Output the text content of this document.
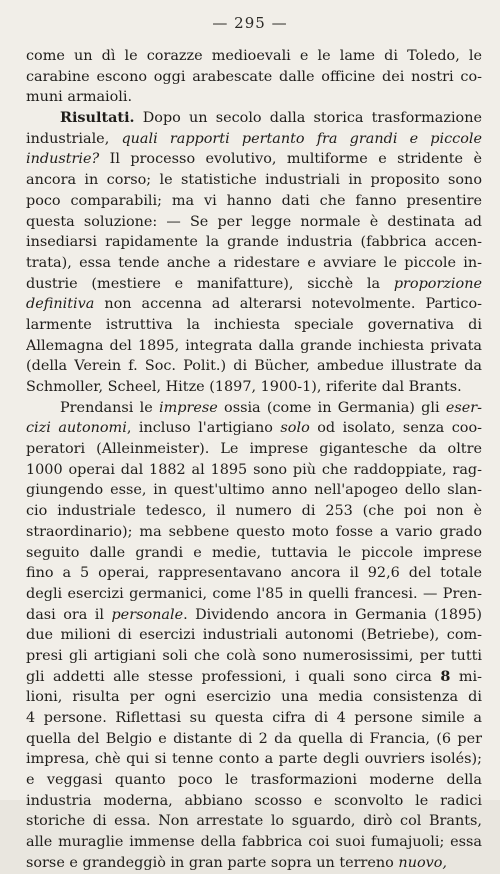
— 295 —
come un dì le corazze medioevali e le lame di Toledo, le
carabine escono oggi arabescate dalle officine dei nostri co-
muni armaioli.
Risultati. Dopo un secolo dalla storica trasformazione
industriale, quali rapporti pertanto fra grandi e piccole
industrie? Il processo evolutivo, multiforme e stridente è
ancora in corso; le statistiche industriali in proposito sono
poco comparabili; ma vi hanno dati che fanno presentire
questa soluzione: — Se per legge normale è destinata ad
insediarsi rapidamente la grande industria (fabbrica accen-
trata), essa tende anche a ridestare e avviare le piccole in-
dustrie (mestiere e manifatture), sicchè la proporzione
definitiva non accenna ad alterarsi notevolmente. Partico-
larmente istruttiva la inchiesta speciale governativa di
Allemagna del 1895, integrata dalla grande inchiesta privata
(della Verein f. Soc. Polit.) di Bücher, ambedue illustrate da
Schmoller, Scheel, Hitze (1897, 1900-1), riferite dal Brants.
Prendansi le imprese ossia (come in Germania) gli eser-
cizi autonomi, incluso l'artigiano solo od isolato, senza coo-
peratori (Alleinmeister). Le imprese gigantesche da oltre
1000 operai dal 1882 al 1895 sono più che raddoppiate, rag-
giungendo esse, in quest'ultimo anno nell'apogeo dello slan-
cio industriale tedesco, il numero di 253 (che poi non è
straordinario); ma sebbene questo moto fosse a vario grado
seguito dalle grandi e medie, tuttavia le piccole imprese
fino a 5 operai, rappresentavano ancora il 92,6 del totale
degli esercizi germanici, come l'85 in quelli francesi. — Pren-
dasi ora il personale. Dividendo ancora in Germania (1895)
due milioni di esercizi industriali autonomi (Betriebe), com-
presi gli artigiani soli che colà sono numerosissimi, per tutti
gli addetti alle stesse professioni, i quali sono circa 8 mi-
lioni, risulta per ogni esercizio una media consistenza di
4 persone. Riflettasi su questa cifra di 4 persone simile a
quella del Belgio e distante di 2 da quella di Francia, (6 per
impresa, chè qui si tenne conto a parte degli ouvriers isolés);
e veggasi quanto poco le trasformazioni moderne della
industria moderna, abbiano scosso e sconvolto le radici
storiche di essa. Non arrestate lo sguardo, dirò col Brants,
alle muraglie immense della fabbrica coi suoi fumajuoli; essa
sorse e grandeggiò in gran parte sopra un terreno nuovo,
